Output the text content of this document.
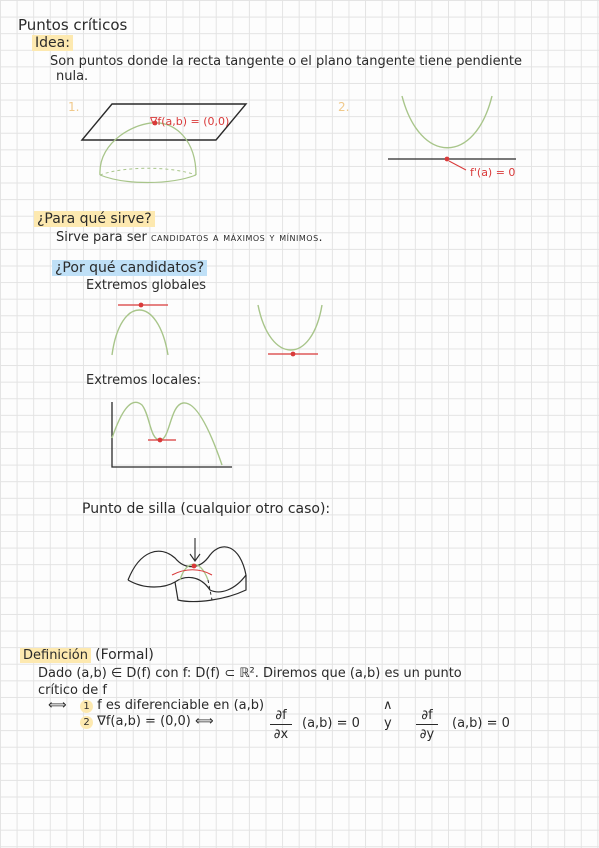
Puntos críticos
Idea:
Son puntos donde la recta tangente o el plano tangente tiene pendiente
nula.
1.
∇f(a,b) = (0,0)
2.
f'(a) = 0
¿Para qué sirve?
Sirve para ser candidatos a máximos y mínimos.
¿Por qué candidatos?
Extremos globales
Extremos locales:
Punto de silla (cualquior otro caso):
Definición (Formal)
Dado (a,b) ∈ D(f) con f: D(f) ⊂ ℝ². Diremos que (a,b) es un punto
crítico de f
⟺	1 f es diferenciable en (a,b)	∧
2 ∇f(a,b) = (0,0) ⟺	∂f
∂x
(a,b) = 0 y
∂f
∂y
(a,b) = 0
